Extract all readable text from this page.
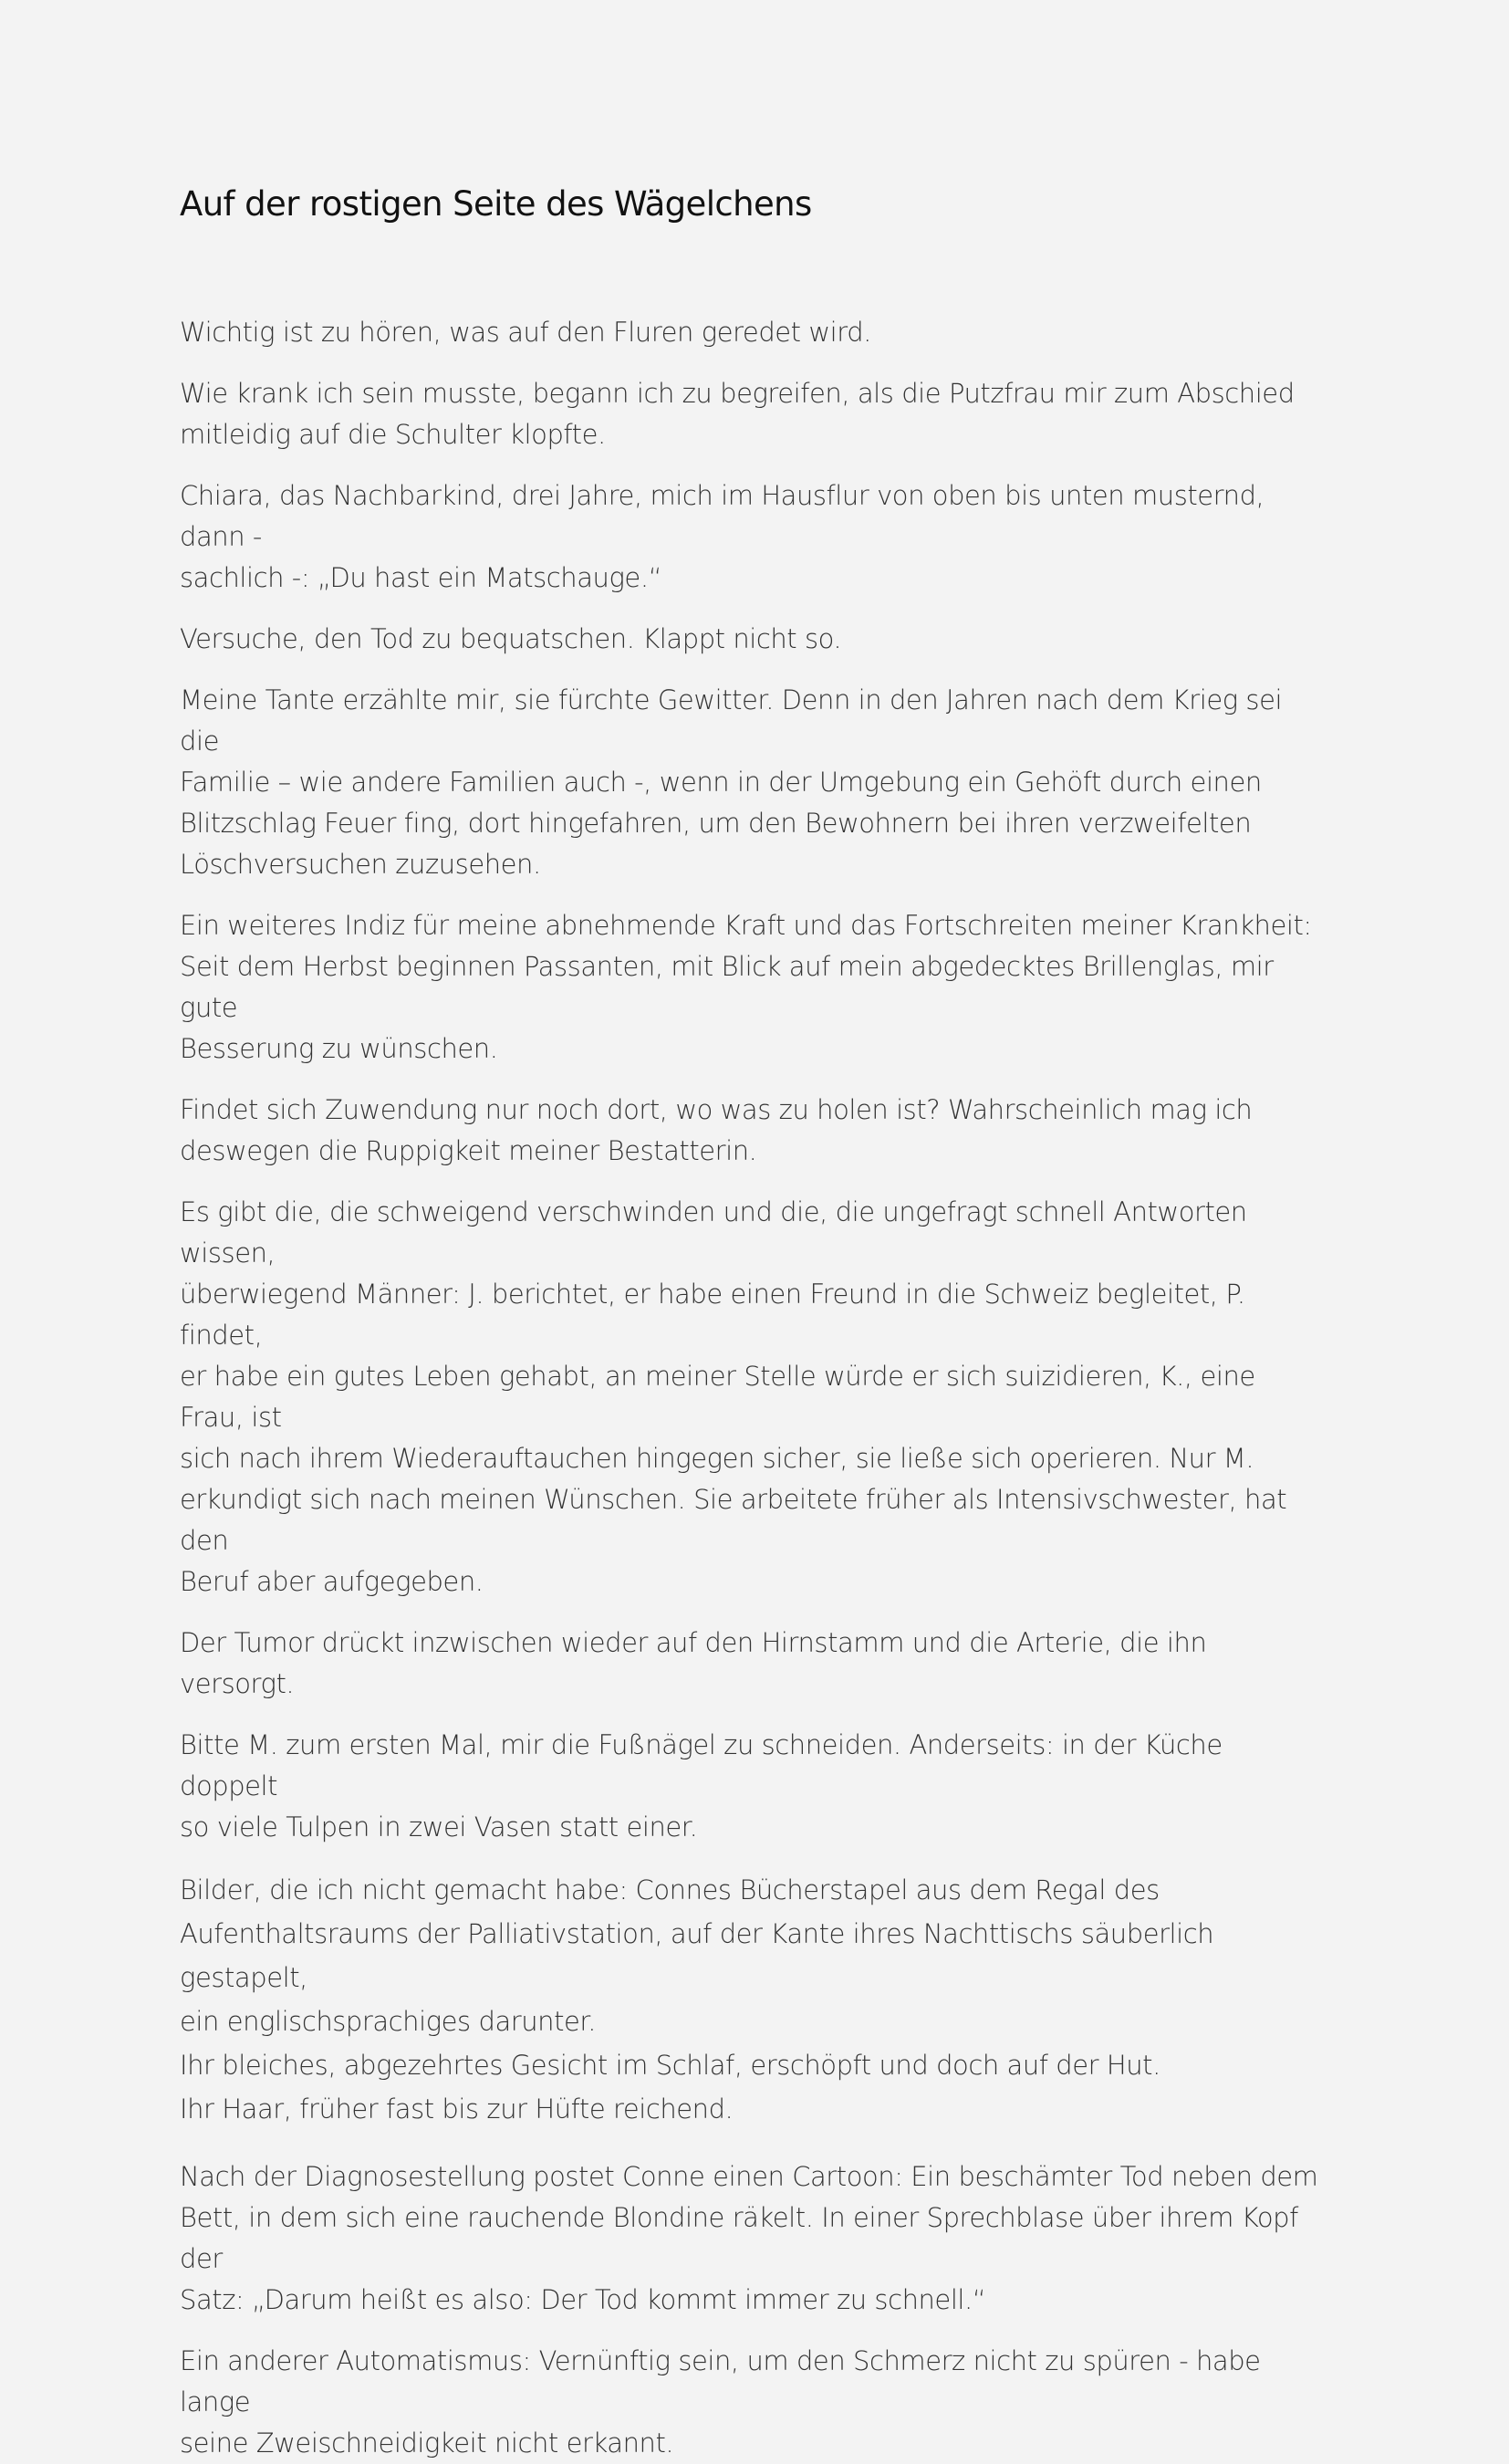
Auf der rostigen Seite des Wägelchens

Wichtig ist zu hören, was auf den Fluren geredet wird.

Wie krank ich sein musste, begann ich zu begreifen, als die Putzfrau mir zum Abschied
mitleidig auf die Schulter klopfte.

Chiara, das Nachbarkind, drei Jahre, mich im Hausflur von oben bis unten musternd, dann -
sachlich -: „Du hast ein Matschauge.“

Versuche, den Tod zu bequatschen. Klappt nicht so.

Meine Tante erzählte mir, sie fürchte Gewitter. Denn in den Jahren nach dem Krieg sei die
Familie – wie andere Familien auch -, wenn in der Umgebung ein Gehöft durch einen
Blitzschlag Feuer fing, dort hingefahren, um den Bewohnern bei ihren verzweifelten
Löschversuchen zuzusehen.

Ein weiteres Indiz für meine abnehmende Kraft und das Fortschreiten meiner Krankheit:
Seit dem Herbst beginnen Passanten, mit Blick auf mein abgedecktes Brillenglas, mir gute
Besserung zu wünschen.

Findet sich Zuwendung nur noch dort, wo was zu holen ist? Wahrscheinlich mag ich
deswegen die Ruppigkeit meiner Bestatterin.

Es gibt die, die schweigend verschwinden und die, die ungefragt schnell Antworten wissen,
überwiegend Männer: J. berichtet, er habe einen Freund in die Schweiz begleitet, P. findet,
er habe ein gutes Leben gehabt, an meiner Stelle würde er sich suizidieren, K., eine Frau, ist
sich nach ihrem Wiederauftauchen hingegen sicher, sie ließe sich operieren. Nur M.
erkundigt sich nach meinen Wünschen. Sie arbeitete früher als Intensivschwester, hat den
Beruf aber aufgegeben.

Der Tumor drückt inzwischen wieder auf den Hirnstamm und die Arterie, die ihn versorgt.

Bitte M. zum ersten Mal, mir die Fußnägel zu schneiden. Anderseits: in der Küche doppelt
so viele Tulpen in zwei Vasen statt einer.

Bilder, die ich nicht gemacht habe: Connes Bücherstapel aus dem Regal des
Aufenthaltsraums der Palliativstation, auf der Kante ihres Nachttischs säuberlich gestapelt,
ein englischsprachiges darunter.
Ihr bleiches, abgezehrtes Gesicht im Schlaf, erschöpft und doch auf der Hut.
Ihr Haar, früher fast bis zur Hüfte reichend.

Nach der Diagnosestellung postet Conne einen Cartoon: Ein beschämter Tod neben dem
Bett, in dem sich eine rauchende Blondine räkelt. In einer Sprechblase über ihrem Kopf der
Satz: „Darum heißt es also: Der Tod kommt immer zu schnell.“

Ein anderer Automatismus: Vernünftig sein, um den Schmerz nicht zu spüren - habe lange
seine Zweischneidigkeit nicht erkannt.
